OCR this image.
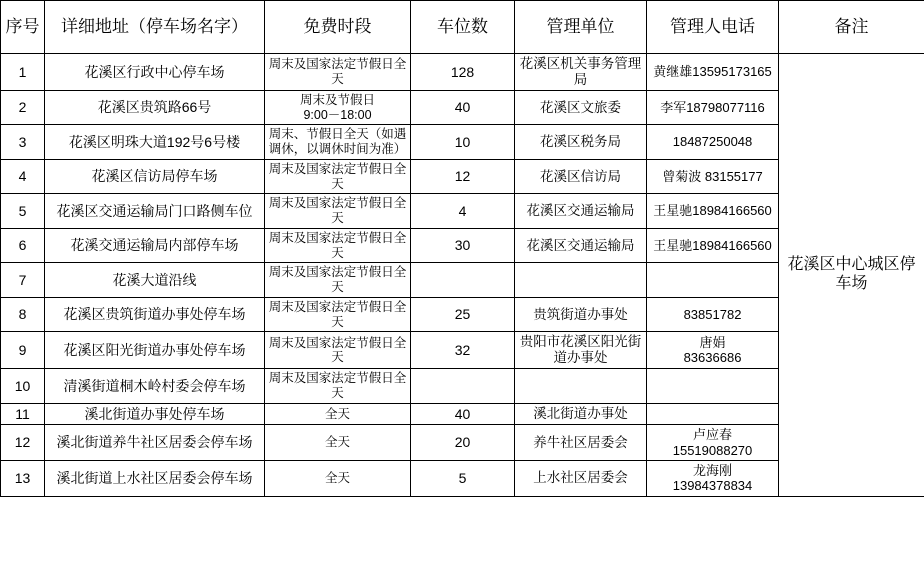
序号	详细地址（停车场名字）	免费时段	车位数	管理单位	管理人电话	备注
1	花溪区行政中心停车场	周末及国家法定节假日全天	128	花溪区机关事务管理局	黄继雄13595173165	花溪区中心城区停车场
2	花溪区贵筑路66号	周末及节假日
9:00－18:00	40	花溪区文旅委	李军18798077116	
3	花溪区明珠大道192号6号楼	周末、节假日全天（如遇调休，以调休时间为准）	10	花溪区税务局	18487250048	
4	花溪区信访局停车场	周末及国家法定节假日全天	12	花溪区信访局	曾菊波 83155177	
5	花溪区交通运输局门口路侧车位	周末及国家法定节假日全天	4	花溪区交通运输局	王星驰18984166560	
6	花溪交通运输局内部停车场	周末及国家法定节假日全天	30	花溪区交通运输局	王星驰18984166560	
7	花溪大道沿线	周末及国家法定节假日全天				
8	花溪区贵筑街道办事处停车场	周末及国家法定节假日全天	25	贵筑街道办事处	83851782	
9	花溪区阳光街道办事处停车场	周末及国家法定节假日全天	32	贵阳市花溪区阳光街道办事处	唐娟
83636686	

10	清溪街道桐木岭村委会停车场	周末及国家法定节假日全天				
11	溪北街道办事处停车场	全天	40	溪北街道办事处		
12	溪北街道养牛社区居委会停车场	全天	20	养牛社区居委会	卢应春
15519088270	

13	溪北街道上水社区居委会停车场	全天	5	上水社区居委会	龙海刚
13984378834	
